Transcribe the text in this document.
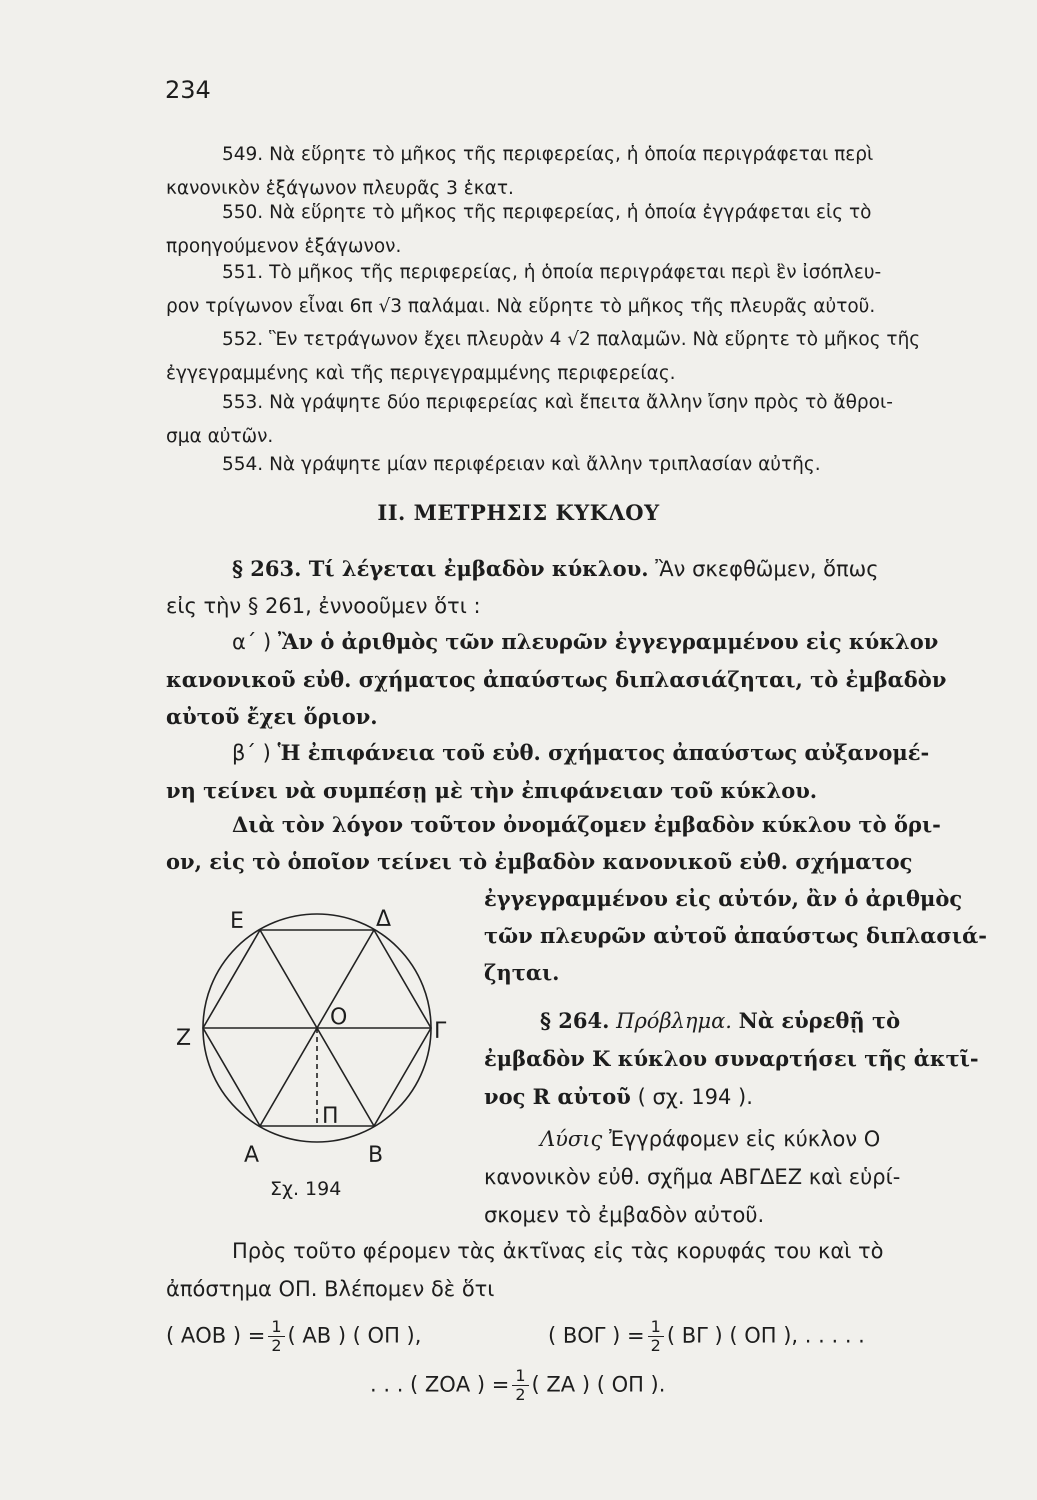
234
549. Νὰ εὕρητε τὸ μῆκος τῆς περιφερείας, ἡ ὁποία περιγράφεται περὶ
κανονικὸν ἑξάγωνον πλευρᾶς 3 ἑκατ.
550. Νὰ εὕρητε τὸ μῆκος τῆς περιφερείας, ἡ ὁποία ἐγγράφεται εἰς τὸ
προηγούμενον ἑξάγωνον.
551. Τὸ μῆκος τῆς περιφερείας, ἡ ὁποία περιγράφεται περὶ ἓν ἰσόπλευ-
ρον τρίγωνον εἶναι 6π √3 παλάμαι. Νὰ εὕρητε τὸ μῆκος τῆς πλευρᾶς αὐτοῦ.
552. Ἓν τετράγωνον ἔχει πλευρὰν 4 √2 παλαμῶν. Νὰ εὕρητε τὸ μῆκος τῆς
ἐγγεγραμμένης καὶ τῆς περιγεγραμμένης περιφερείας.
553. Νὰ γράψητε δύο περιφερείας καὶ ἔπειτα ἄλλην ἴσην πρὸς τὸ ἄθροι-
σμα αὐτῶν.
554. Νὰ γράψητε μίαν περιφέρειαν καὶ ἄλλην τριπλασίαν αὐτῆς.
II. ΜΕΤΡΗΣΙΣ ΚΥΚΛΟΥ
§ 263. Τί λέγεται ἐμβαδὸν κύκλου. Ἂν σκεφθῶμεν, ὅπως
εἰς τὴν § 261, ἐννοοῦμεν ὅτι :
α΄ ) Ἂν ὁ ἀριθμὸς τῶν πλευρῶν ἐγγεγραμμένου εἰς κύκλον
κανονικοῦ εὐθ. σχήματος ἀπαύστως διπλασιάζηται, τὸ ἐμβαδὸν
αὐτοῦ ἔχει ὅριον.
β΄ ) Ἡ ἐπιφάνεια τοῦ εὐθ. σχήματος ἀπαύστως αὐξανομέ-
νη τείνει νὰ συμπέσῃ μὲ τὴν ἐπιφάνειαν τοῦ κύκλου.
Διὰ τὸν λόγον τοῦτον ὀνομάζομεν ἐμβαδὸν κύκλου τὸ ὅρι-
ον, εἰς τὸ ὁποῖον τείνει τὸ ἐμβαδὸν κανονικοῦ εὐθ. σχήματος
ἐγγεγραμμένου εἰς αὐτόν, ἂν ὁ ἀριθμὸς
τῶν πλευρῶν αὐτοῦ ἀπαύστως διπλασιά-
ζηται.
Ε	Δ
Ζ
Ο
Γ
Α	Β
Π
Σχ. 194
§ 264. Πρόβλημα. Νὰ εὑρεθῇ τὸ
ἐμβαδὸν Κ κύκλου συναρτήσει τῆς ἀκτῖ-
νος R αὐτοῦ ( σχ. 194 ).
Λύσις Ἐγγράφομεν εἰς κύκλον Ο
κανονικὸν εὐθ. σχῆμα ΑΒΓΔΕΖ καὶ εὑρί-
σκομεν τὸ ἐμβαδὸν αὐτοῦ.
Πρὸς τοῦτο φέρομεν τὰς ἀκτῖνας εἰς τὰς κορυφάς του καὶ τὸ
ἀπόστημα ΟΠ. Βλέπομεν δὲ ὅτι
( ΑΟΒ ) = $\frac{1}{2}$ ( ΑΒ ) ( ΟΠ ),	( ΒΟΓ ) = $\frac{1}{2}$ ( ΒΓ ) ( ΟΠ ), . . . . .
. . . ( ΖΟΑ ) = $\frac{1}{2}$ ( ΖΑ ) ( ΟΠ ).
